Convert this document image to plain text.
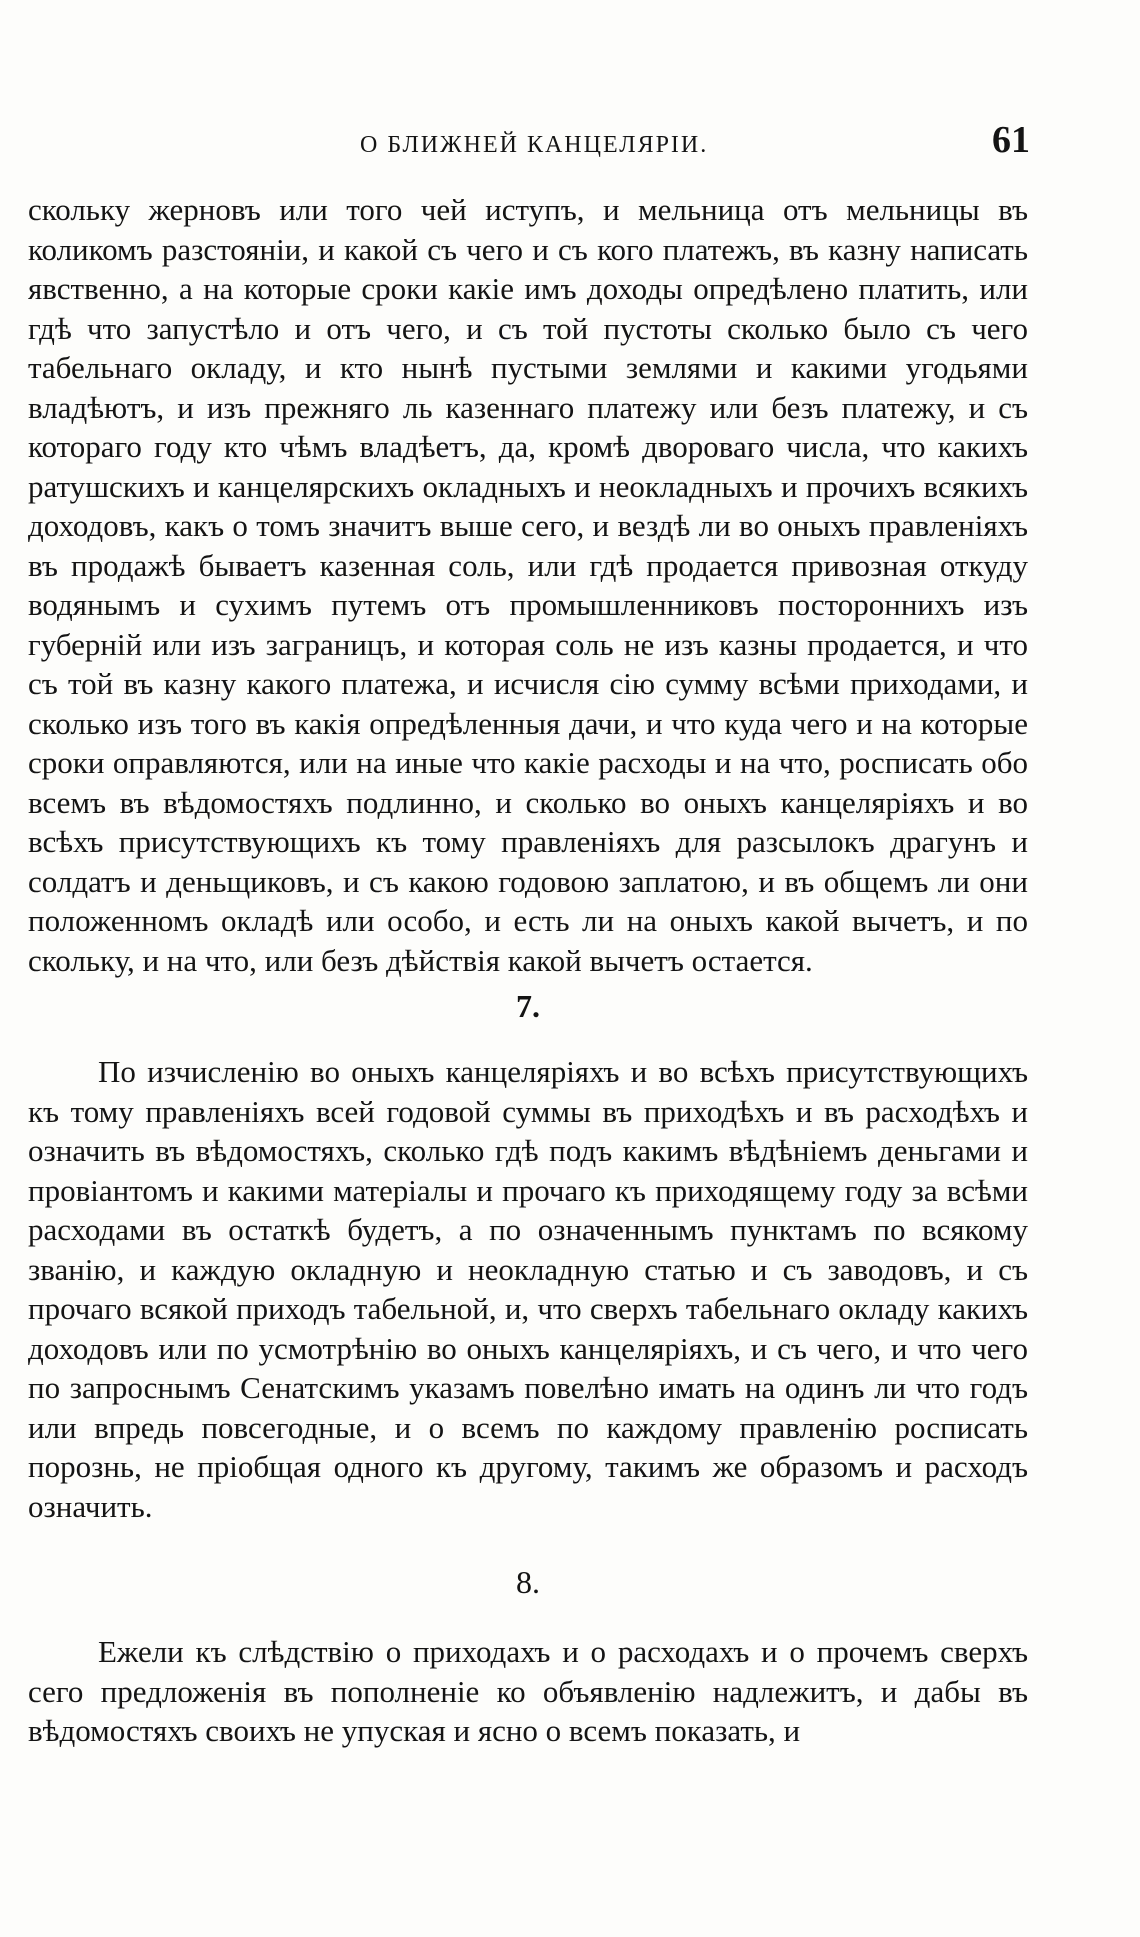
О БЛИЖНЕЙ КАНЦЕЛЯРІИ.	61

скольку жерновъ или того чей иступъ, и мельница отъ мельницы въ коликомъ разстояніи, и какой съ чего и съ кого платежъ, въ казну написать явственно, а на которые сроки какіе имъ доходы опредѣлено платить, или гдѣ что запустѣло и отъ чего, и съ той пустоты сколько было съ чего табельнаго окладу, и кто нынѣ пустыми землями и какими угодьями владѣютъ, и изъ прежняго ль казеннаго платежу или безъ платежу, и съ котораго году кто чѣмъ владѣетъ, да, кромѣ двороваго числа, что какихъ ратушскихъ и канцелярскихъ окладныхъ и неокладныхъ и прочихъ всякихъ доходовъ, какъ о томъ значитъ выше сего, и вездѣ ли во оныхъ правленіяхъ въ продажѣ бываетъ казенная соль, или гдѣ продается привозная откуду водянымъ и сухимъ путемъ отъ промышленниковъ постороннихъ изъ губерній или изъ заграницъ, и которая соль не изъ казны продается, и что съ той въ казну какого платежа, и исчисля сію сумму всѣми приходами, и сколько изъ того въ какія опредѣленныя дачи, и что куда чего и на которые сроки оправляются, или на иные что какіе расходы и на что, росписать обо всемъ въ вѣдомостяхъ подлинно, и сколько во оныхъ канцеляріяхъ и во всѣхъ присутствующихъ къ тому правленіяхъ для разсылокъ драгунъ и солдатъ и деньщиковъ, и съ какою годовою заплатою, и въ общемъ ли они положенномъ окладѣ или особо, и есть ли на оныхъ какой вычетъ, и по скольку, и на что, или безъ дѣйствія какой вычетъ остается.

7.

По изчисленію во оныхъ канцеляріяхъ и во всѣхъ присутствующихъ къ тому правленіяхъ всей годовой суммы въ приходѣхъ и въ расходѣхъ и означить въ вѣдомостяхъ, сколько гдѣ подъ какимъ вѣдѣніемъ деньгами и провіантомъ и какими матеріалы и прочаго къ приходящему году за всѣми расходами въ остаткѣ будетъ, а по означеннымъ пунктамъ по всякому званію, и каждую окладную и неокладную статью и съ заводовъ, и съ прочаго всякой приходъ табельной, и, что сверхъ табельнаго окладу какихъ доходовъ или по усмотрѣнію во оныхъ канцеляріяхъ, и съ чего, и что чего по запроснымъ Сенатскимъ указамъ повелѣно имать на одинъ ли что годъ или впредь повсегодные, и о всемъ по каждому правленію росписать порознь, не пріобщая одного къ другому, такимъ же образомъ и расходъ означить.

8.

Ежели къ слѣдствію о приходахъ и о расходахъ и о прочемъ сверхъ сего предложенія въ пополненіе ко объявленію надлежитъ, и дабы въ вѣдомостяхъ своихъ не упуская и ясно о всемъ показать, и
